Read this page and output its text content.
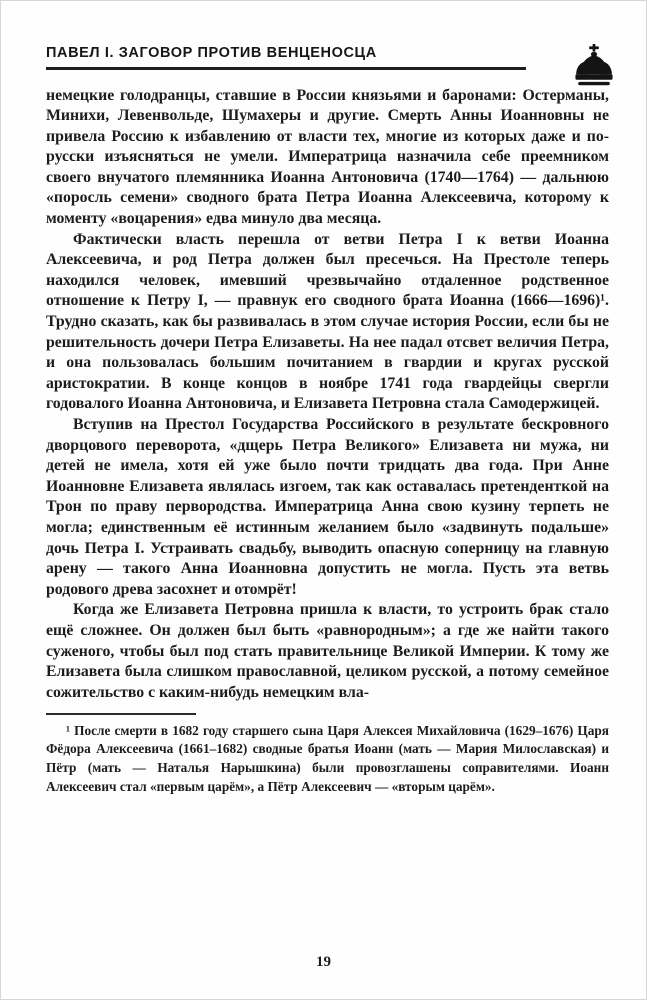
ПАВЕЛ I. ЗАГОВОР ПРОТИВ ВЕНЦЕНОСЦА

немецкие голодранцы, ставшие в России князьями и баронами: Остерманы, Минихи, Левенвольде, Шумахеры и другие. Смерть Анны Иоанновны не привела Россию к избавлению от власти тех, многие из которых даже и по-русски изъясняться не умели. Императрица назначила себе преемником своего внучатого племянника Иоанна Антоновича (1740—1764) — дальнюю «поросль семени» сводного брата Петра Иоанна Алексеевича, которому к моменту «воцарения» едва минуло два месяца.

Фактически власть перешла от ветви Петра I к ветви Иоанна Алексеевича, и род Петра должен был пресечься. На Престоле теперь находился человек, имевший чрезвычайно отдаленное родственное отношение к Петру I, — правнук его сводного брата Иоанна (1666—1696)¹. Трудно сказать, как бы развивалась в этом случае история России, если бы не решительность дочери Петра Елизаветы. На нее падал отсвет величия Петра, и она пользовалась большим почитанием в гвардии и кругах русской аристократии. В конце концов в ноябре 1741 года гвардейцы свергли годовалого Иоанна Антоновича, и Елизавета Петровна стала Самодержицей.

Вступив на Престол Государства Российского в результате бескровного дворцового переворота, «дщерь Петра Великого» Елизавета ни мужа, ни детей не имела, хотя ей уже было почти тридцать два года. При Анне Иоанновне Елизавета являлась изгоем, так как оставалась претенденткой на Трон по праву первородства. Императрица Анна свою кузину терпеть не могла; единственным её истинным желанием было «задвинуть подальше» дочь Петра I. Устраивать свадьбу, выводить опасную соперницу на главную арену — такого Анна Иоанновна допустить не могла. Пусть эта ветвь родового древа засохнет и отомрёт!

Когда же Елизавета Петровна пришла к власти, то устроить брак стало ещё сложнее. Он должен был быть «равнородным»; а где же найти такого суженого, чтобы был под стать правительнице Великой Империи. К тому же Елизавета была слишком православной, целиком русской, а потому семейное сожительство с каким-нибудь немецким вла-

¹ После смерти в 1682 году старшего сына Царя Алексея Михайловича (1629–1676) Царя Фёдора Алексеевича (1661–1682) сводные братья Иоанн (мать — Мария Милославская) и Пётр (мать — Наталья Нарышкина) были провозглашены соправителями. Иоанн Алексеевич стал «первым царём», а Пётр Алексеевич — «вторым царём».
19
